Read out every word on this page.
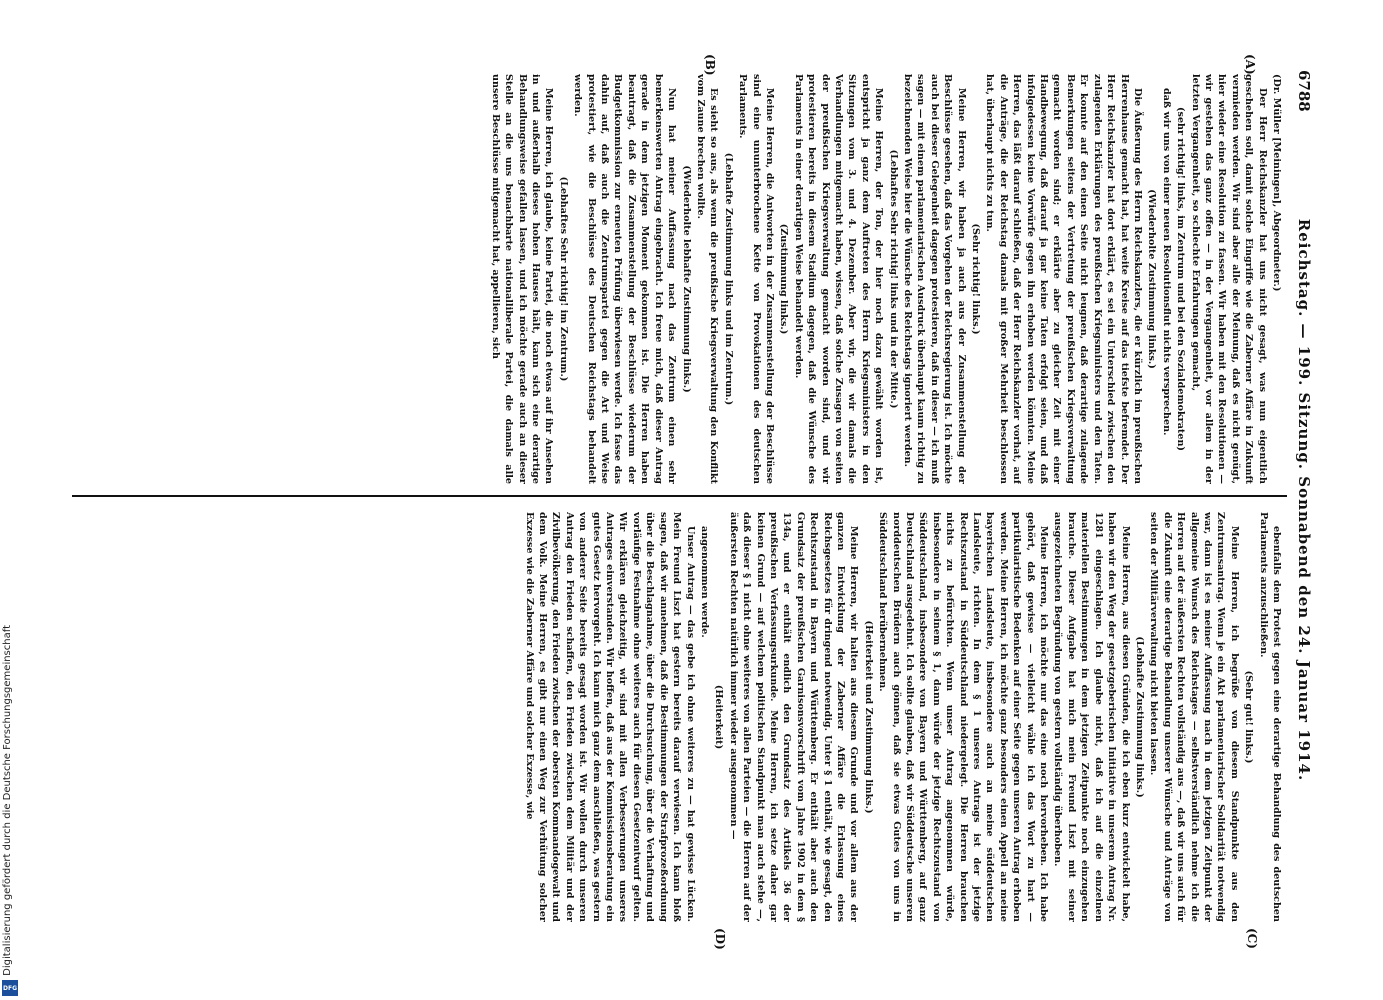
6788
Reichstag. — 199. Sitzung. Sonnabend den 24. Januar 1914.
(A)
(B)
(C)
(D)

(Dr. Müller [Meiningen], Abgeordneter.)

Der Herr Reichskanzler hat uns nicht gesagt, was nun eigentlich geschehen soll, damit solche Eingriffe wie die Zaberner Affäre in Zukunft vermieden werden. Wir sind aber alle der Meinung, daß es nicht genügt, hier wieder eine Resolution zu fassen. Wir haben mit den Resolutionen — wir gestehen das ganz offen — in der Vergangenheit, vor allem in der letzten Vergangenheit, so schlechte Erfahrungen gemacht,

(sehr richtig! links, im Zentrum und bei den Sozialdemokraten)

daß wir uns von einer neuen Resolutionsflut nichts versprechen.

(Wiederholte Zustimmung links.)

Die Äußerung des Herrn Reichskanzlers, die er kürzlich im preußischen Herrenhause gemacht hat, hat weite Kreise auf das tiefste befremdet. Der Herr Reichskanzler hat dort erklärt, es sei ein Unterschied zwischen den zulagenden Erklärungen des preußischen Kriegsministers und den Taten. Er konnte auf den einen Seite nicht leugnen, daß derartige zulagende Bemerkungen seitens der Vertretung der preußischen Kriegsverwaltung gemacht worden sind; er erklärte aber zu gleicher Zeit mit einer Handbewegung, daß darauf ja gar keine Taten erfolgt seien, und daß infolgedessen keine Vorwürfe gegen ihn erhoben werden könnten. Meine Herren, das läßt darauf schließen, daß der Herr Reichskanzler vorhat, auf die Anträge, die der Reichstag damals mit großer Mehrheit beschlossen hat, überhaupt nichts zu tun.

(Sehr richtig! links.)

Meine Herren, wir haben ja auch aus der Zusammenstellung der Beschlüsse gesehen, daß das Vorgehen der Reichsregierung ist. Ich möchte auch bei dieser Gelegenheit dagegen protestieren, daß in dieser — ich muß sagen — mit einem parlamentarischen Ausdruck überhaupt kaum richtig zu bezeichnenden Weise hier die Wünsche des Reichstags ignoriert werden.

(Lebhaftes Sehr richtig! links und in der Mitte.)

Meine Herren, der Ton, der hier noch dazu gewählt worden ist, entspricht ja ganz dem Auftreten des Herrn Kriegsministers in den Sitzungen vom 3. und 4. Dezember. Aber wir, die wir damals die Verhandlungen mitgemacht haben, wissen, daß solche Zusagen von seiten der preußischen Kriegsverwaltung gemacht worden sind, und wir protestieren bereits in diesem Stadium dagegen, daß die Wünsche des Parlaments in einer derartigen Weise behandelt werden.

(Zustimmung links.)

Meine Herren, die Antworten in der Zusammenstellung der Beschlüsse sind eine ununterbrochene Kette von Provokationen des deutschen Parlaments.

(Lebhafte Zustimmung links und im Zentrum.)

Es sieht so aus, als wenn die preußische Kriegsverwaltung den Konflikt vom Zaune brechen wollte.

(Wiederholte lebhafte Zustimmung links.)

Nun hat meiner Auffassung nach das Zentrum einen sehr bemerkenswerten Antrag eingebracht. Ich freue mich, daß dieser Antrag gerade in dem jetzigen Moment gekommen ist. Die Herren haben beantragt, daß die Zusammenstellung der Beschlüsse wiederum der Budgetkommission zur erneuten Prüfung überwiesen werde. Ich fasse das dahin auf, daß auch die Zentrumspartei gegen die Art und Weise protestiert, wie die Beschlüsse des Deutschen Reichstags behandelt werden.

(Lebhaftes Sehr richtig! im Zentrum.)

Meine Herren, ich glaube, keine Partei, die noch etwas auf ihr Ansehen in und außerhalb dieses hohen Hauses hält, kann sich eine derartige Behandlungsweise gefallen lassen, und ich möchte gerade auch an dieser Stelle an die uns benachbarte nationalliberale Partei, die damals alle unsere Beschlüsse mitgemacht hat, appellieren, sich

ebenfalls dem Protest gegen eine derartige Behandlung des deutschen Parlaments anzuschließen.

(Sehr gut! links.)

Meine Herren, ich begrüße von diesem Standpunkte aus den Zentrumsantrag. Wenn je ein Akt parlamentarischer Solidarität notwendig war, dann ist es meiner Auffassung nach in dem jetzigen Zeitpunkt der allgemeine Wunsch des Reichstages — selbstverständlich nehme ich die Herren auf der äußersten Rechten vollständig aus —, daß wir uns auch für die Zukunft eine derartige Behandlung unserer Wünsche und Anträge von seiten der Militärverwaltung nicht bieten lassen.

(Lebhafte Zustimmung links.)

Meine Herren, aus diesen Gründen, die ich eben kurz entwickelt habe, haben wir den Weg der gesetzgeberischen Initiative in unserem Antrag Nr. 1281 eingeschlagen. Ich glaube nicht, daß ich auf die einzelnen materiellen Bestimmungen in dem jetzigen Zeitpunkte noch einzugehen brauche. Dieser Aufgabe hat mich mein Freund Liszt mit seiner ausgezeichneten Begründung von gestern vollständig überhoben.

Meine Herren, ich möchte nur das eine noch hervorheben. Ich habe gehört, daß gewisse — vielleicht wähle ich das Wort zu hart — partikularistische Bedenken auf einer Seite gegen unseren Antrag erhoben werden. Meine Herren, ich möchte ganz besonders einen Appell an meine bayerischen Landsleute, insbesondere auch an meine süddeutschen Landsleute, richten. In dem § 1 unseres Antrags ist der jetzige Rechtszustand in Süddeutschland niedergelegt. Die Herren brauchen nichts zu befürchten. Wenn unser Antrag angenommen würde, insbesondere in seinem § 1, dann würde der jetzige Rechtszustand von Süddeutschland, insbesondere von Bayern und Württemberg, auf ganz Deutschland ausgedehnt. Ich sollte glauben, daß wir Süddeutsche unseren norddeutschen Brüdern auch gönnen, daß sie etwas Gutes von uns in Süddeutschland herübernehmen.

(Heiterkeit und Zustimmung links.)

Meine Herren, wir halten aus diesem Grunde und vor allem aus der ganzen Entwicklung der Zaberner Affäre die Erlassung eines Reichsgesetzes für dringend notwendig. Unter § 1 enthält, wie gesagt, den Rechtszustand in Bayern und Württemberg. Er enthält aber auch den Grundsatz der preußischen Garnisonsvorschrift vom Jahre 1902 in dem § 134a, und er enthält endlich den Grundsatz des Artikels 36 der preußischen Verfassungsurkunde. Meine Herren, ich setze daher gar keinen Grund — auf welchem politischen Standpunkt man auch stehe —, daß dieser § 1 nicht ohne weiteres von allen Parteien — die Herren auf der äußersten Rechten natürlich immer wieder ausgenommen —

(Heiterkeit)

angenommen werde.

Unser Antrag — das gebe ich ohne weiteres zu — hat gewisse Lücken. Mein Freund Liszt hat gestern bereits darauf verwiesen. Ich kann bloß sagen, daß wir annehmen, daß die Bestimmungen der Strafprozeßordnung über die Beschlagnahme, über die Durchsuchung, über die Verhaftung und vorläufige Festnahme ohne weiteres auch für diesen Gesetzentwurf gelten. Wir erklären gleichzeitig, wir sind mit allen Verbesserungen unseres Antrages einverstanden. Wir hoffen, daß aus der Kommissionsberatung ein gutes Gesetz hervorgeht. Ich kann mich ganz dem anschließen, was gestern von anderer Seite bereits gesagt worden ist. Wir wollen durch unseren Antrag den Frieden schaffen, den Frieden zwischen dem Militär und der Zivilbevölkerung, den Frieden zwischen der obersten Kommandogewalt und dem Volk. Meine Herren, es gibt nur einen Weg zur Verhütung solcher Exzesse wie die Zaberner Affäre und solcher Exzesse, wie

Digitalisierung gefördert durch die Deutsche Forschungsgemeinschaft
DFG
